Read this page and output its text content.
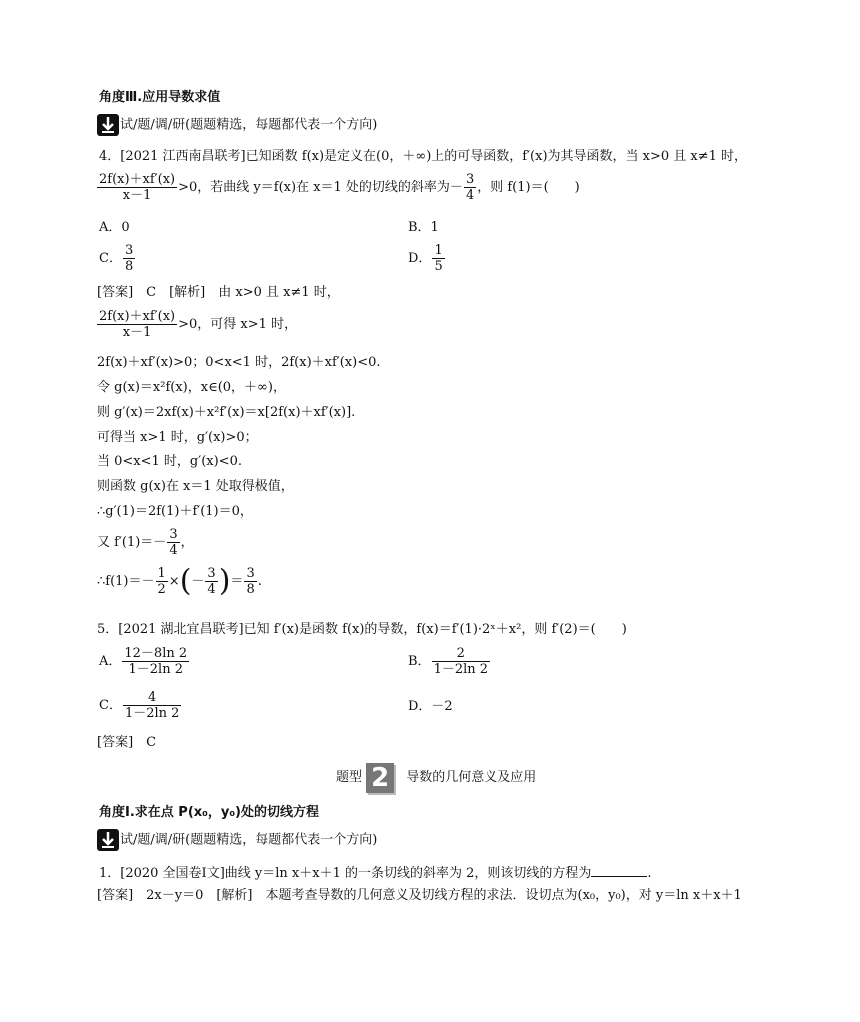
角度Ⅲ.应用导数求值
试/题/调/研(题题精选，每题都代表一个方向)
4．[2021 江西南昌联考]已知函数 f(x)是定义在(0，＋∞)上的可导函数，f′(x)为其导函数，当 x>0 且 x≠1 时，
$\frac{2f(x)+xf'(x)}{x-1} >0$，若曲线 y＝f(x)在 x＝1 处的切线的斜率为－ $\frac{3}{4}$ ，则 f(1)＝(　　)
A．0	B．1
C． $\frac{3}{8}$	D． $\frac{1}{5}$
[答案]　C　[解析]　由 x>0 且 x≠1 时，
$\frac{2f(x)+xf'(x)}{x-1} >0$，可得 x>1 时，
2f(x)＋xf′(x)>0；0<x<1 时，2f(x)＋xf′(x)<0.
令 g(x)＝x²f(x)，x∈(0，＋∞)，
则 g′(x)＝2xf(x)＋x²f′(x)＝x[2f(x)＋xf′(x)].
可得当 x>1 时，g′(x)>0；
当 0<x<1 时，g′(x)<0.
则函数 g(x)在 x＝1 处取得极值，
∴g′(1)＝2f(1)＋f′(1)＝0，
又 $f'(1)=- \frac{3}{4}$ ，
∴f(1)＝－ $\frac{1}{2}$ ×(－ $\frac{3}{4}$ )＝ $\frac{3}{8}$ .
5．[2021 湖北宜昌联考]已知 f′(x)是函数 f(x)的导数，f(x)＝f′(1)·2ˣ＋x²，则 f′(2)＝(　　)
A． $\frac{12-8\ln 2}{1-2\ln 2}$	B． $\frac{2}{1-2\ln 2}$
C． $\frac{4}{1-2\ln 2}$	D．－2
[答案]　C
题型 2 导数的几何意义及应用
角度Ⅰ.求在点 P(x₀，y₀)处的切线方程
试/题/调/研(题题精选，每题都代表一个方向)
1．[2020 全国卷Ⅰ文]曲线 y＝ln x＋x＋1 的一条切线的斜率为 2，则该切线的方程为	.
[答案]　2x－y＝0　[解析]　本题考查导数的几何意义及切线方程的求法．设切点为(x₀，y₀)，对 y＝ln x＋x＋1
